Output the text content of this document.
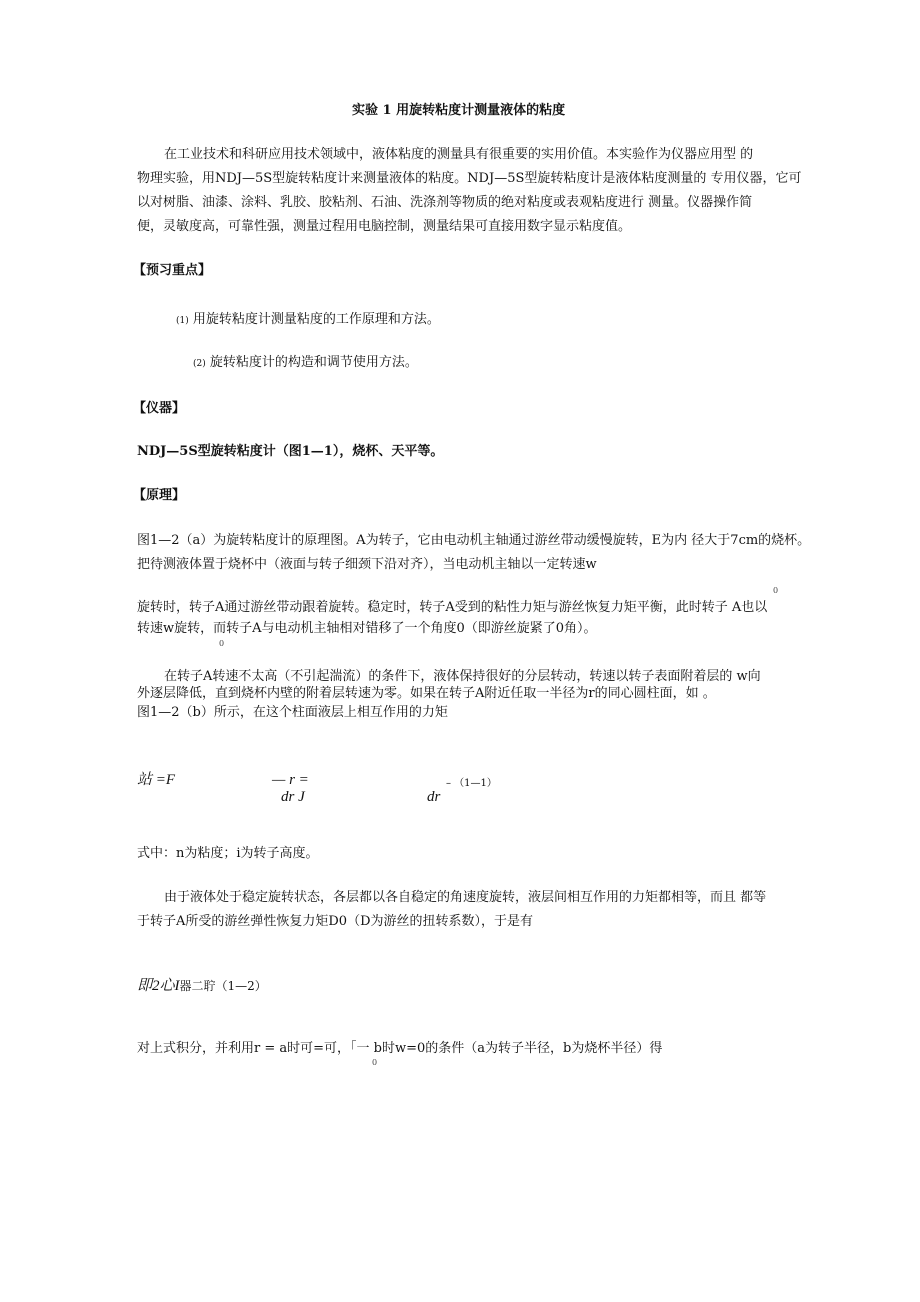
实验 1 用旋转粘度计测量液体的粘度
在工业技术和科研应用技术领域中，液体粘度的测量具有很重要的实用价值。本实验作为仪器应用型 的
物理实验，用NDJ—5S型旋转粘度计来测量液体的粘度。NDJ—5S型旋转粘度计是液体粘度测量的 专用仪器，它可
以对树脂、油漆、涂料、乳胶、胶粘剂、石油、洗涤剂等物质的绝对粘度或表观粘度进行 测量。仪器操作简
便，灵敏度高，可靠性强，测量过程用电脑控制，测量结果可直接用数字显示粘度值。
【预习重点】
(1) 用旋转粘度计测量粘度的工作原理和方法。
(2) 旋转粘度计的构造和调节使用方法。
【仪器】
NDJ—5S型旋转粘度计（图1—1），烧杯、天平等。
【原理】
图1—2（a）为旋转粘度计的原理图。A为转子，它由电动机主轴通过游丝带动缓慢旋转，E为内 径大于7cm的烧杯。
把待测液体置于烧杯中（液面与转子细颈下沿对齐），当电动机主轴以一定转速w
0
旋转时，转子A通过游丝带动跟着旋转。稳定时，转子A受到的粘性力矩与游丝恢复力矩平衡，此时转子 A也以
转速w旋转，而转子A与电动机主轴相对错移了一个角度0（即游丝旋紧了0角）。
0
在转子A转速不太高（不引起湍流）的条件下，液体保持很好的分层转动，转速以转子表面附着层的 w向
外逐层降低，直到烧杯内壁的附着层转速为零。如果在转子A附近任取一半径为r的同心圆柱面，如 。
图1—2（b）所示，在这个柱面液层上相互作用的力矩
站 =F	— r =
dr J	dr
– （1—1）
式中：n为粘度；i为转子高度。
由于液体处于稳定旋转状态，各层都以各自稳定的角速度旋转，液层间相互作用的力矩都相等，而且 都等
于转子A所受的游丝弹性恢复力矩D0（D为游丝的扭转系数），于是有
即2心I器二聍（1—2）
对上式积分，并利用r = a时可=可，「一 b时w=0的条件（a为转子半径，b为烧杯半径）得
0
